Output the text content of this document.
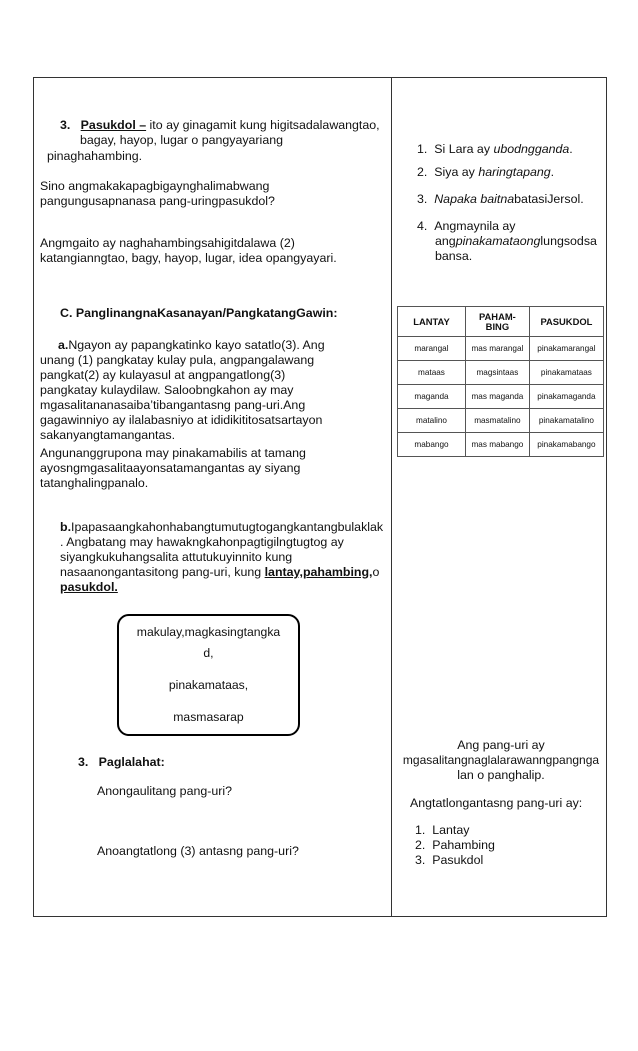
3. Pasukdol – ito ay ginagamit kung higitsadalawangtao,
bagay, hayop, lugar o pangyayariang
pinaghahambing.
Sino angmakakapagbigaynghalimabwang
pangungusapnanasa pang-uringpasukdol?
Angmgaito ay naghahambingsahigitdalawa (2)
katangianngtao, bagy, hayop, lugar, idea opangyayari.
C. PanglinangnaKasanayan/PangkatangGawin:
a.Ngayon ay papangkatinko kayo satatlo(3). Ang
unang (1) pangkatay kulay pula, angpangalawang
pangkat(2) ay kulayasul at angpangatlong(3)
pangkatay kulaydilaw. Saloobngkahon ay may
mgasalitananasaiba’tibangantasng pang-uri.Ang
gagawinniyo ay ilalabasniyo at ididikititosatsartayon
sakanyangtamangantas.
Angunanggrupona may pinakamabilis at tamang
ayosngmgasalitaayonsatamangantas ay siyang
tatanghalingpanalo.
b.Ipapasaangkahonhabangtumutugtogangkantangbulaklak
. Angbatang may hawakngkahonpagtigilngtugtog ay
siyangkukuhangsalita attutukuyinnito kung
nasaanongantasitong pang-uri, kung lantay,pahambing,o
pasukdol.
makulay,magkasingtangka
d,
pinakamataas,
masmasarap
3. Paglalahat:
Anongaulitang pang-uri?
Anoangtatlong (3) antasng pang-uri?
1. Si Lara ay ubodngganda.
2. Siya ay haringtapang.
3. Napaka baitnabatasiJersol.
4. Angmaynila ay
angpinakamataonglungsodsa
bansa.
LANTAY	PAHAM-BING	PASUKDOL
marangal	mas marangal	pinakamarangal
mataas	magsintaas	pinakamataas
maganda	mas maganda	pinakamaganda
matalino	masmatalino	pinakamatalino
mabango	mas mabango	pinakamabango
Ang pang-uri ay
mgasalitangnaglalarawanngpangnga
lan o panghalip.
Angtatlongantasng pang-uri ay:
1. Lantay
2. Pahambing
3. Pasukdol
